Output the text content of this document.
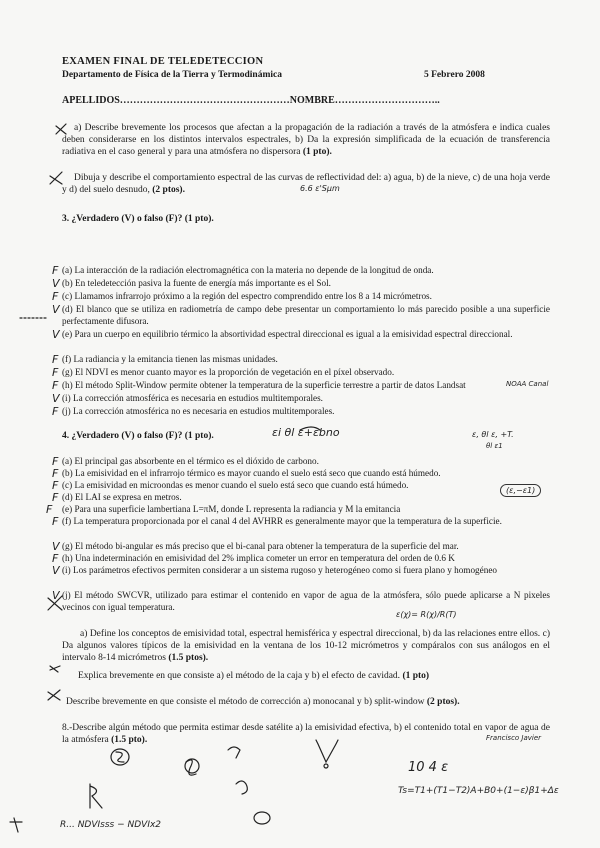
EXAMEN FINAL DE TELEDETECCION
Departamento de Física de la Tierra y Termodinámica	5 Febrero 2008
APELLIDOS……………………………………………NOMBRE…………………………..
a) Describe brevemente los procesos que afectan a la propagación de la radiación a través de la atmósfera e indica cuales deben considerarse en los distintos intervalos espectrales, b) Da la expresión simplificada de la ecuación de transferencia radiativa en el caso general y para una atmósfera no dispersora (1 pto).
Dibuja y describe el comportamiento espectral de las curvas de reflectividad del: a) agua, b) de la nieve, c) de una hoja verde y d) del suelo desnudo, (2 ptos).	6.6 ε'Sμm
3. ¿Verdadero (V) o falso (F)? (1 pto).
F (a) La interacción de la radiación electromagnética con la materia no depende de la longitud de onda.
V (b) En teledetección pasiva la fuente de energía más importante es el Sol.
F (c) Llamamos infrarrojo próximo a la región del espectro comprendido entre los 8 a 14 micrómetros.
V (d) El blanco que se utiliza en radiometría de campo debe presentar un comportamiento lo más parecido posible a una superficie perfectamente difusora.
V (e) Para un cuerpo en equilibrio térmico la absortividad espectral direccional es igual a la emisividad espectral direccional.
F (f) La radiancia y la emitancia tienen las mismas unidades.
F (g) El NDVI es menor cuanto mayor es la proporción de vegetación en el píxel observado.
F (h) El método Split-Window permite obtener la temperatura de la superficie terrestre a partir de datos Landsat	NOAA Canal
V (i) La corrección atmosférica es necesaria en estudios multitemporales.
F (j) La corrección atmosférica no es necesaria en estudios multitemporales.
4. ¿Verdadero (V) o falso (F)? (1 pto).	εi θl ε+εbno	ε, θl ε, +T.
θl ε1
F (a) El principal gas absorbente en el térmico es el dióxido de carbono.
F (b) La emisividad en el infrarrojo térmico es mayor cuando el suelo está seco que cuando está húmedo.
F (c) La emisividad en microondas es menor cuando el suelo está seco que cuando está húmedo.
F (d) El LAI se expresa en metros.
(ε,−ε1)
F (e) Para una superficie lambertiana L=πM, donde L representa la radiancia y M la emitancia
F (f) La temperatura proporcionada por el canal 4 del AVHRR es generalmente mayor que la temperatura de la superficie.
V (g) El método bi-angular es más preciso que el bi-canal para obtener la temperatura de la superficie del mar.
F (h) Una indeterminación en emisividad del 2% implica cometer un error en temperatura del orden de 0.6 K
V (i) Los parámetros efectivos permiten considerar a un sistema rugoso y heterogéneo como si fuera plano y homogéneo
V (j) El método SWCVR, utilizado para estimar el contenido en vapor de agua de la atmósfera, sólo puede aplicarse a N pixeles vecinos con igual temperatura.
ε(χ)= R(χ)/R(T)
a) Define los conceptos de emisividad total, espectral hemisférica y espectral direccional, b) da las relaciones entre ellos. c) Da algunos valores típicos de la emisividad en la ventana de los 10-12 micrómetros y compáralos con sus análogos en el intervalo 8-14 micrómetros (1.5 ptos).
Explica brevemente en que consiste a) el método de la caja y b) el efecto de cavidad. (1 pto)
Describe brevemente en que consiste el método de corrección a) monocanal y b) split-window (2 ptos).
8.-Describe algún método que permita estimar desde satélite a) la emisividad efectiva, b) el contenido total en vapor de agua de la atmósfera (1.5 pto).
10 4 ε
Ts=T1+(T1−T2)A+B0+(1−ε)β1+Δε
R... NDVIsss − NDVIx2
Francisco Javier
